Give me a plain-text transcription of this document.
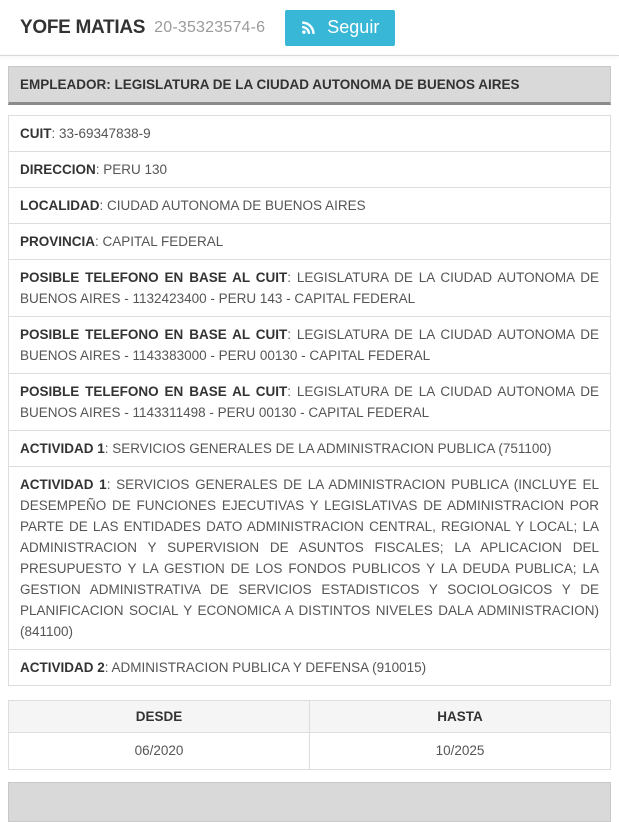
YOFE MATIAS 20-35323574-6	Seguir
EMPLEADOR: LEGISLATURA DE LA CIUDAD AUTONOMA DE BUENOS AIRES
CUIT: 33-69347838-9
DIRECCION: PERU 130
LOCALIDAD: CIUDAD AUTONOMA DE BUENOS AIRES
PROVINCIA: CAPITAL FEDERAL
POSIBLE TELEFONO EN BASE AL CUIT: LEGISLATURA DE LA CIUDAD AUTONOMA DE BUENOS AIRES - 1132423400 - PERU 143 - CAPITAL FEDERAL
POSIBLE TELEFONO EN BASE AL CUIT: LEGISLATURA DE LA CIUDAD AUTONOMA DE BUENOS AIRES - 1143383000 - PERU 00130 - CAPITAL FEDERAL
POSIBLE TELEFONO EN BASE AL CUIT: LEGISLATURA DE LA CIUDAD AUTONOMA DE BUENOS AIRES - 1143311498 - PERU 00130 - CAPITAL FEDERAL
ACTIVIDAD 1: SERVICIOS GENERALES DE LA ADMINISTRACION PUBLICA (751100)
ACTIVIDAD 1: SERVICIOS GENERALES DE LA ADMINISTRACION PUBLICA (INCLUYE EL DESEMPEÑO DE FUNCIONES EJECUTIVAS Y LEGISLATIVAS DE ADMINISTRACION POR PARTE DE LAS ENTIDADES DATO ADMINISTRACION CENTRAL, REGIONAL Y LOCAL; LA ADMINISTRACION Y SUPERVISION DE ASUNTOS FISCALES; LA APLICACION DEL PRESUPUESTO Y LA GESTION DE LOS FONDOS PUBLICOS Y LA DEUDA PUBLICA; LA GESTION ADMINISTRATIVA DE SERVICIOS ESTADISTICOS Y SOCIOLOGICOS Y DE PLANIFICACION SOCIAL Y ECONOMICA A DISTINTOS NIVELES DALA ADMINISTRACION) (841100)
ACTIVIDAD 2: ADMINISTRACION PUBLICA Y DEFENSA (910015)
DESDE	HASTA
06/2020	10/2025
